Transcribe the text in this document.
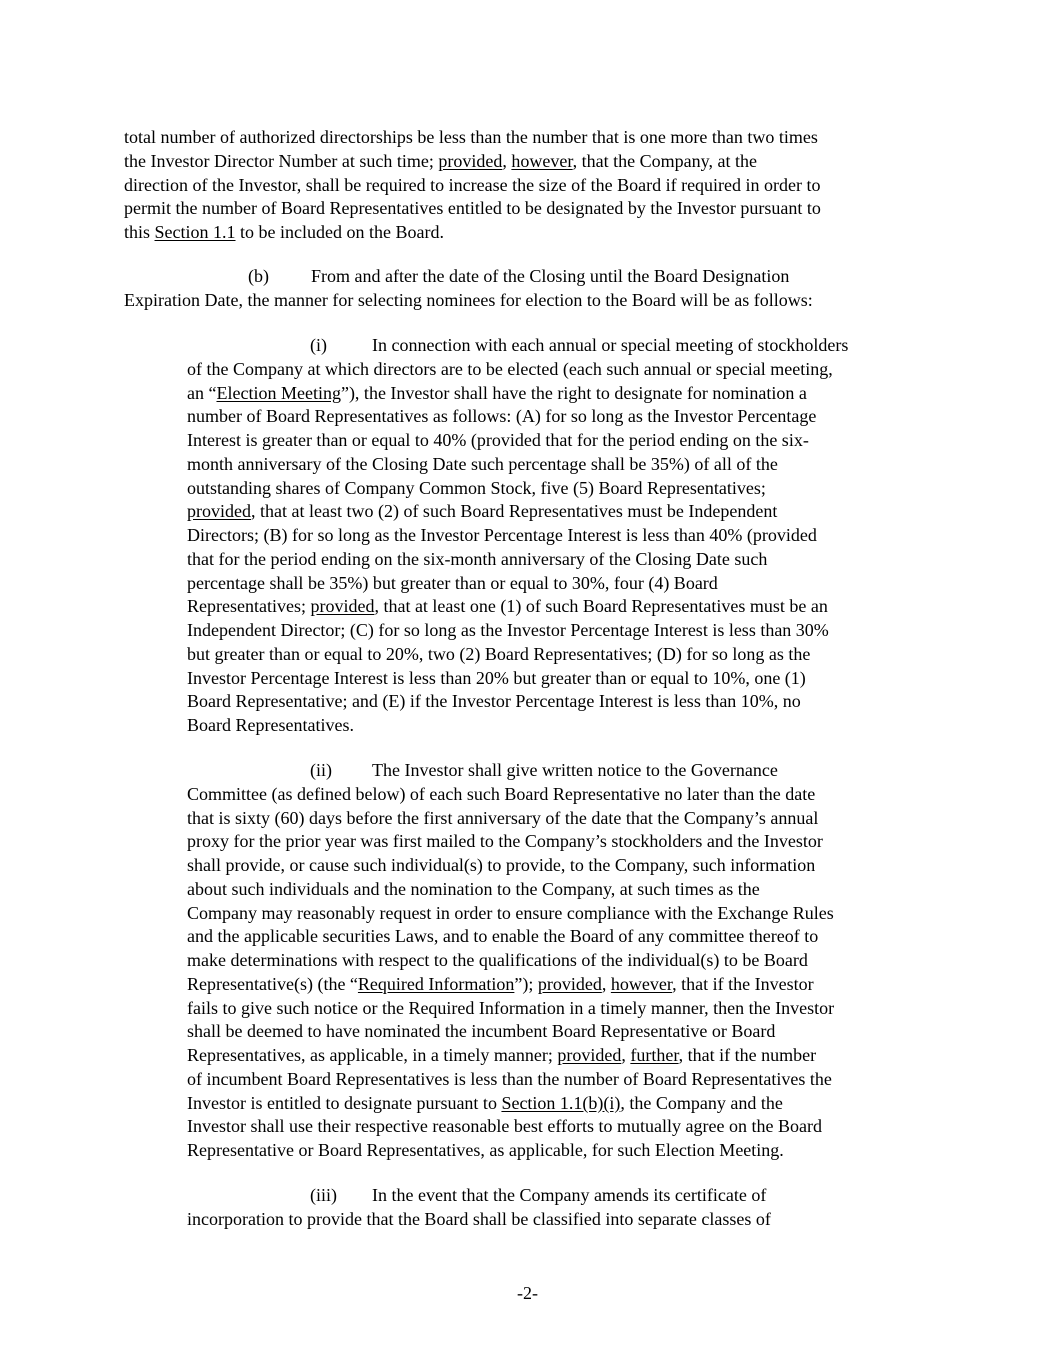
total number of authorized directorships be less than the number that is one more than two times
the Investor Director Number at such time; provided, however, that the Company, at the
direction of the Investor, shall be required to increase the size of the Board if required in order to
permit the number of Board Representatives entitled to be designated by the Investor pursuant to
this Section 1.1 to be included on the Board.
(b) From and after the date of the Closing until the Board Designation
Expiration Date, the manner for selecting nominees for election to the Board will be as follows:
(i)	In connection with each annual or special meeting of stockholders
of the Company at which directors are to be elected (each such annual or special meeting,
an “Election Meeting”), the Investor shall have the right to designate for nomination a
number of Board Representatives as follows: (A) for so long as the Investor Percentage
Interest is greater than or equal to 40% (provided that for the period ending on the six-
month anniversary of the Closing Date such percentage shall be 35%) of all of the
outstanding shares of Company Common Stock, five (5) Board Representatives;
provided, that at least two (2) of such Board Representatives must be Independent
Directors; (B) for so long as the Investor Percentage Interest is less than 40% (provided
that for the period ending on the six-month anniversary of the Closing Date such
percentage shall be 35%) but greater than or equal to 30%, four (4) Board
Representatives; provided, that at least one (1) of such Board Representatives must be an
Independent Director; (C) for so long as the Investor Percentage Interest is less than 30%
but greater than or equal to 20%, two (2) Board Representatives; (D) for so long as the
Investor Percentage Interest is less than 20% but greater than or equal to 10%, one (1)
Board Representative; and (E) if the Investor Percentage Interest is less than 10%, no
Board Representatives.
(ii) The Investor shall give written notice to the Governance
Committee (as defined below) of each such Board Representative no later than the date
that is sixty (60) days before the first anniversary of the date that the Company’s annual
proxy for the prior year was first mailed to the Company’s stockholders and the Investor
shall provide, or cause such individual(s) to provide, to the Company, such information
about such individuals and the nomination to the Company, at such times as the
Company may reasonably request in order to ensure compliance with the Exchange Rules
and the applicable securities Laws, and to enable the Board of any committee thereof to
make determinations with respect to the qualifications of the individual(s) to be Board
Representative(s) (the “Required Information”); provided, however, that if the Investor
fails to give such notice or the Required Information in a timely manner, then the Investor
shall be deemed to have nominated the incumbent Board Representative or Board
Representatives, as applicable, in a timely manner; provided, further, that if the number
of incumbent Board Representatives is less than the number of Board Representatives the
Investor is entitled to designate pursuant to Section 1.1(b)(i), the Company and the
Investor shall use their respective reasonable best efforts to mutually agree on the Board
Representative or Board Representatives, as applicable, for such Election Meeting.
(iii) In the event that the Company amends its certificate of
incorporation to provide that the Board shall be classified into separate classes of
-2-
